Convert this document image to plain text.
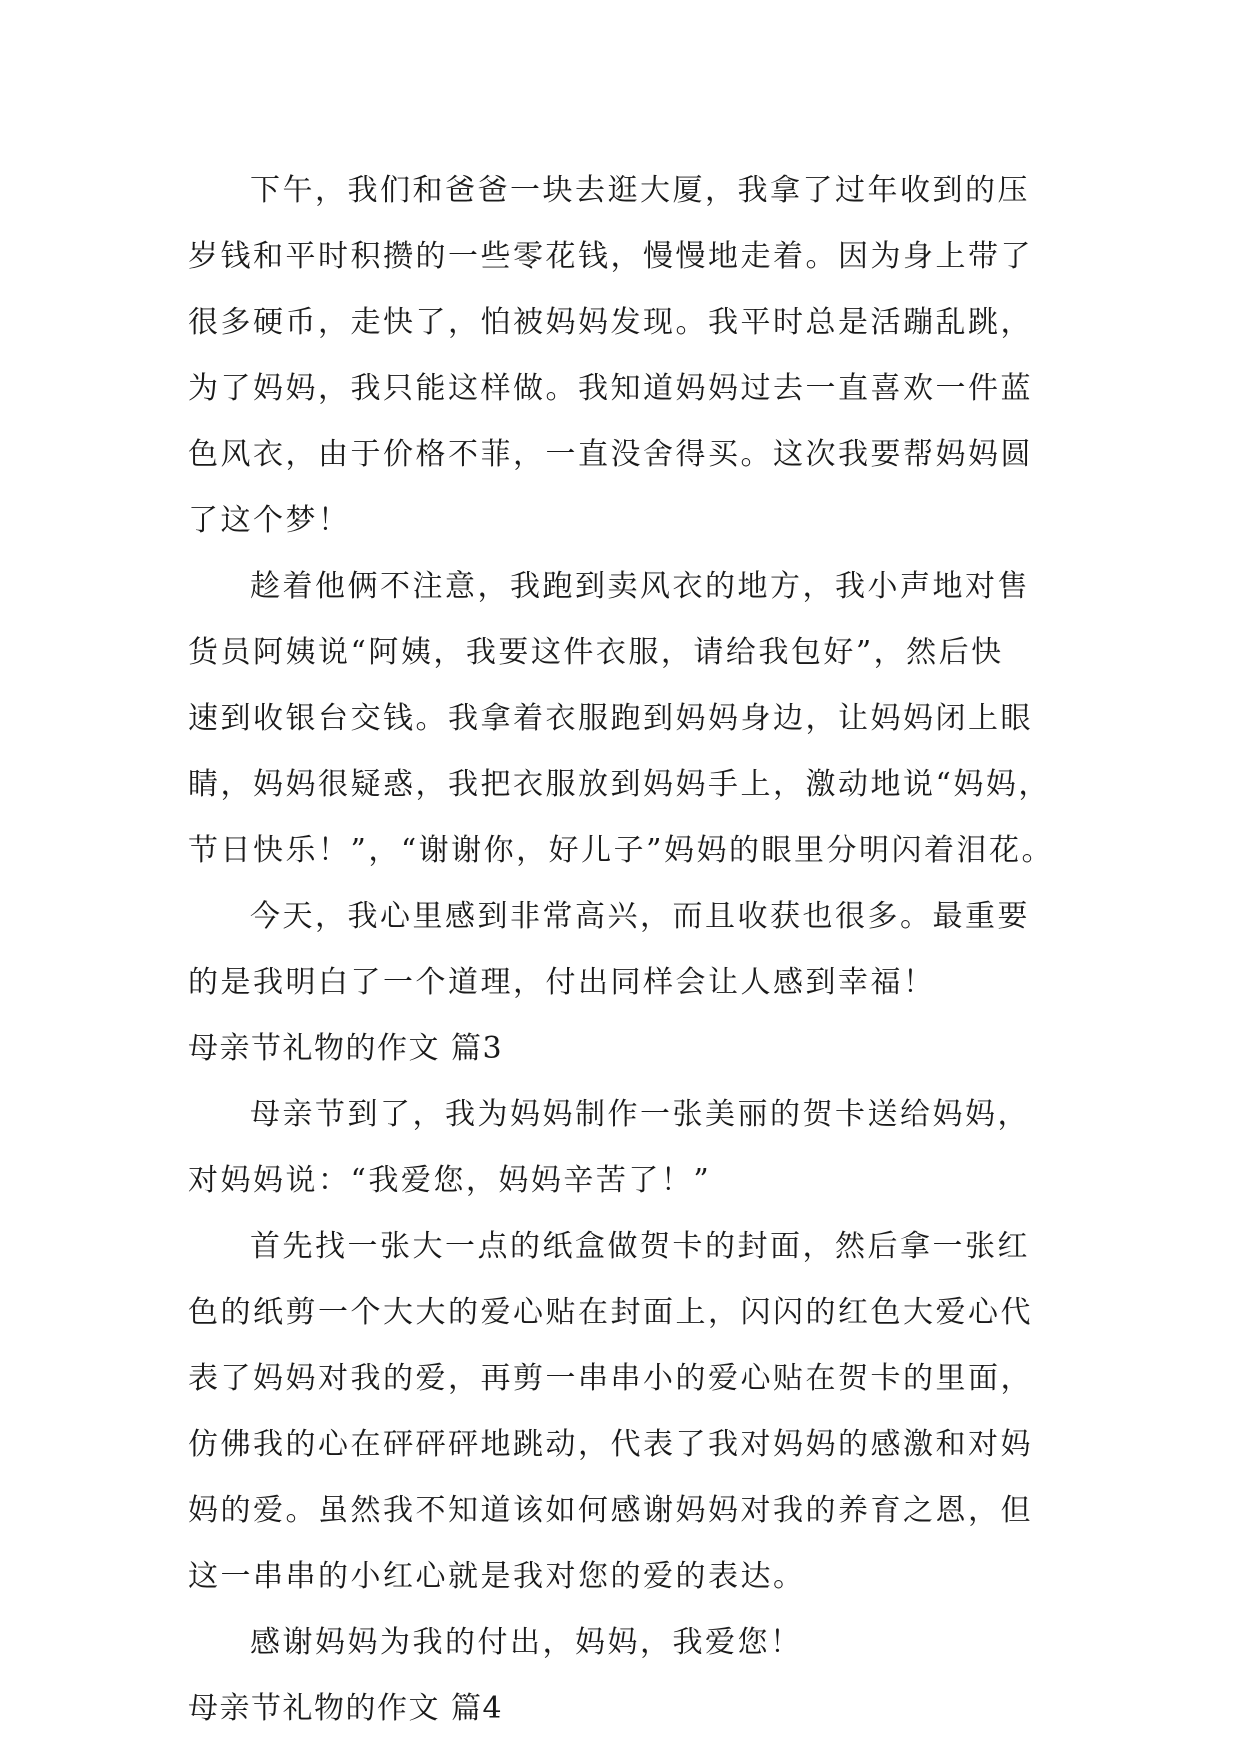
下午，我们和爸爸一块去逛大厦，我拿了过年收到的压
岁钱和平时积攒的一些零花钱，慢慢地走着。因为身上带了
很多硬币，走快了，怕被妈妈发现。我平时总是活蹦乱跳，
为了妈妈，我只能这样做。我知道妈妈过去一直喜欢一件蓝
色风衣，由于价格不菲，一直没舍得买。这次我要帮妈妈圆
了这个梦！
趁着他俩不注意，我跑到卖风衣的地方，我小声地对售
货员阿姨说“阿姨，我要这件衣服，请给我包好”，然后快
速到收银台交钱。我拿着衣服跑到妈妈身边，让妈妈闭上眼
睛，妈妈很疑惑，我把衣服放到妈妈手上，激动地说“妈妈，
节日快乐！”，“谢谢你，好儿子”妈妈的眼里分明闪着泪花。
今天，我心里感到非常高兴，而且收获也很多。最重要
的是我明白了一个道理，付出同样会让人感到幸福！
母亲节礼物的作文 篇3
母亲节到了，我为妈妈制作一张美丽的贺卡送给妈妈，
对妈妈说：“我爱您，妈妈辛苦了！”
首先找一张大一点的纸盒做贺卡的封面，然后拿一张红
色的纸剪一个大大的爱心贴在封面上，闪闪的红色大爱心代
表了妈妈对我的爱，再剪一串串小的爱心贴在贺卡的里面，
仿佛我的心在砰砰砰地跳动，代表了我对妈妈的感激和对妈
妈的爱。虽然我不知道该如何感谢妈妈对我的养育之恩，但
这一串串的小红心就是我对您的爱的表达。
感谢妈妈为我的付出，妈妈，我爱您！
母亲节礼物的作文 篇4
